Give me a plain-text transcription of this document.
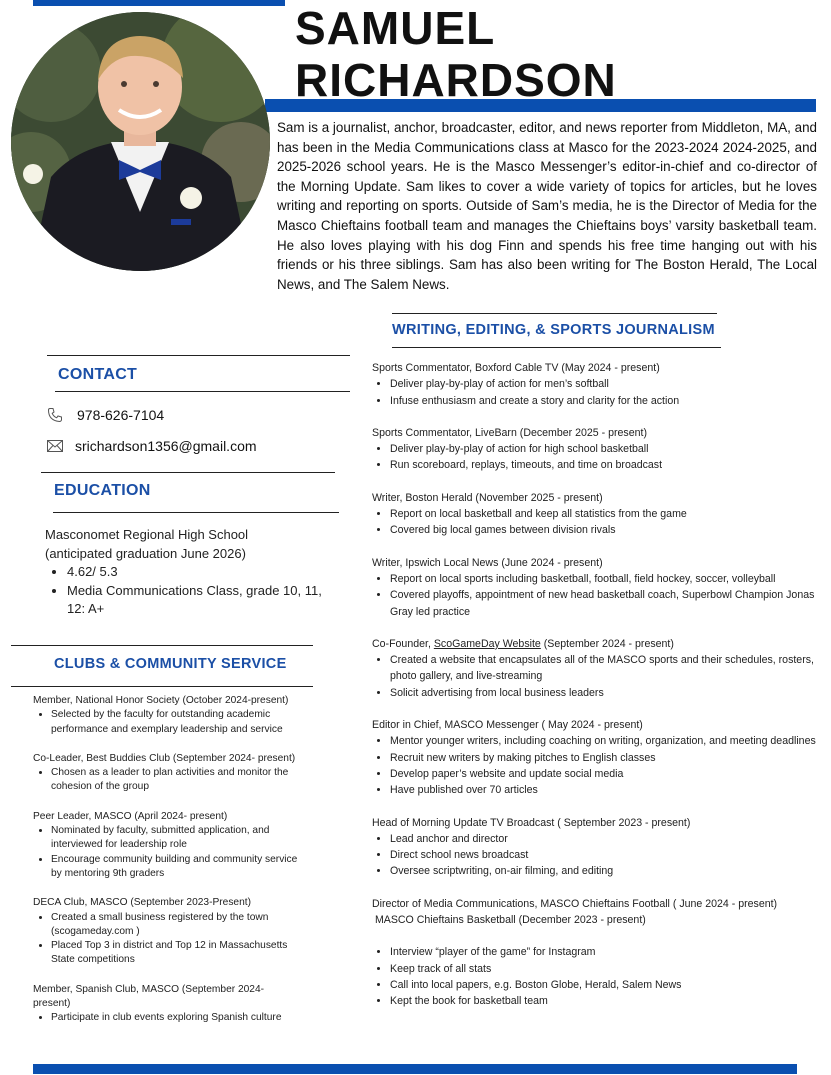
SAMUEL
RICHARDSON
Sam is a journalist, anchor, broadcaster, editor, and news reporter from Middleton, MA, and has been in the Media Communications class at Masco for the 2023-2024 2024-2025, and 2025-2026 school years. He is the Masco Messenger’s editor-in-chief and co-director of the Morning Update. Sam likes to cover a wide variety of topics for articles, but he loves writing and reporting on sports. Outside of Sam’s media, he is the Director of Media for the Masco Chieftains football team and manages the Chieftains boys’ varsity basketball team. He also loves playing with his dog Finn and spends his free time hanging out with his friends or his three siblings. Sam has also been writing for The Boston Herald, The Local News, and The Salem News.
CONTACT
978-626-7104
srichardson1356@gmail.com
EDUCATION
Masconomet Regional High School
(anticipated graduation June 2026)
• 4.62/ 5.3
• Media Communications Class, grade 10, 11, 12: A+
CLUBS & COMMUNITY SERVICE
Member, National Honor Society (October 2024-present)
• Selected by the faculty for outstanding academic performance and exemplary leadership and service
Co-Leader, Best Buddies Club (September 2024- present)
• Chosen as a leader to plan activities and monitor the cohesion of the group
Peer Leader, MASCO (April 2024- present)
• Nominated by faculty, submitted application, and interviewed for leadership role
• Encourage community building and community service by mentoring 9th graders
DECA Club, MASCO (September 2023-Present)
• Created a small business registered by the town (scogameday.com )
• Placed Top 3 in district and Top 12 in Massachusetts State competitions
Member, Spanish Club, MASCO (September 2024-present)
• Participate in club events exploring Spanish culture
WRITING, EDITING, & SPORTS JOURNALISM
Sports Commentator, Boxford Cable TV (May 2024 - present)
• Deliver play-by-play of action for men’s softball
• Infuse enthusiasm and create a story and clarity for the action
Sports Commentator, LiveBarn (December 2025 - present)
• Deliver play-by-play of action for high school basketball
• Run scoreboard, replays, timeouts, and time on broadcast
Writer, Boston Herald (November 2025 - present)
• Report on local basketball and keep all statistics from the game
• Covered big local games between division rivals
Writer, Ipswich Local News (June 2024 - present)
• Report on local sports including basketball, football, field hockey, soccer, volleyball
• Covered playoffs, appointment of new head basketball coach, Superbowl Champion Jonas Gray led practice
Co-Founder, ScoGameDay Website (September 2024 - present)
• Created a website that encapsulates all of the MASCO sports and their schedules, rosters, photo gallery, and live-streaming
• Solicit advertising from local business leaders
Editor in Chief, MASCO Messenger ( May 2024 - present)
• Mentor younger writers, including coaching on writing, organization, and meeting deadlines
• Recruit new writers by making pitches to English classes
• Develop paper’s website and update social media
• Have published over 70 articles
Head of Morning Update TV Broadcast ( September 2023 - present)
• Lead anchor and director
• Direct school news broadcast
• Oversee scriptwriting, on-air filming, and editing
Director of Media Communications, MASCO Chieftains Football ( June 2024 - present)
MASCO Chieftains Basketball (December 2023 - present)
• Interview “player of the game” for Instagram
• Keep track of all stats
• Call into local papers, e.g. Boston Globe, Herald, Salem News
• Kept the book for basketball team
